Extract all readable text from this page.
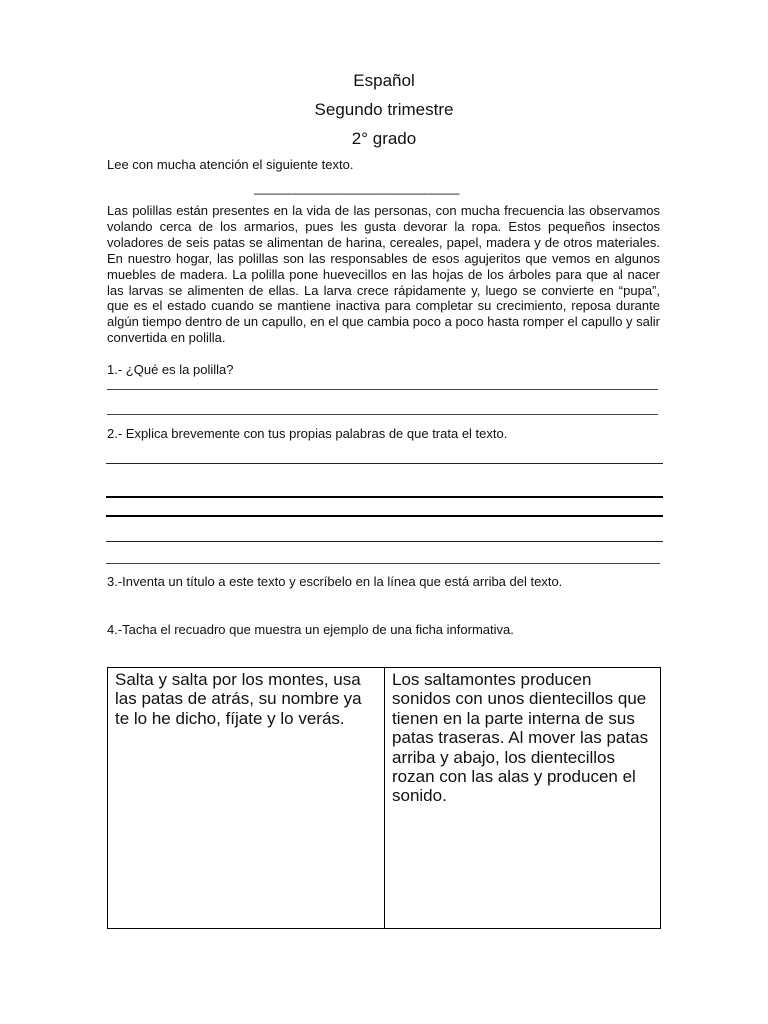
Español
Segundo trimestre
2° grado
Lee con mucha atención el siguiente texto.
______________________________
Las polillas están presentes en la vida de las personas, con mucha frecuencia las observamos volando cerca de los armarios, pues les gusta devorar la ropa. Estos pequeños insectos voladores de seis patas se alimentan de harina, cereales, papel, madera y de otros materiales. En nuestro hogar, las polillas son las responsables de esos agujeritos que vemos en algunos muebles de madera. La polilla pone huevecillos en las hojas de los árboles para que al nacer las larvas se alimenten de ellas. La larva crece rápidamente y, luego se convierte en “pupa”, que es el estado cuando se mantiene inactiva para completar su crecimiento, reposa durante algún tiempo dentro de un capullo, en el que cambia poco a poco hasta romper el capullo y salir convertida en polilla.
1.- ¿Qué es la polilla?
2.- Explica brevemente con tus propias palabras de que trata el texto.
3.-Inventa un título a este texto y escríbelo en la línea que está arriba del texto.
4.-Tacha el recuadro que muestra un ejemplo de una ficha informativa.
Salta y salta por los montes, usa las patas de atrás, su nombre ya te lo he dicho, fíjate y lo verás.
Los saltamontes producen sonidos con unos dientecillos que tienen en la parte interna de sus patas traseras. Al mover las patas arriba y abajo, los dientecillos rozan con las alas y producen el sonido.
